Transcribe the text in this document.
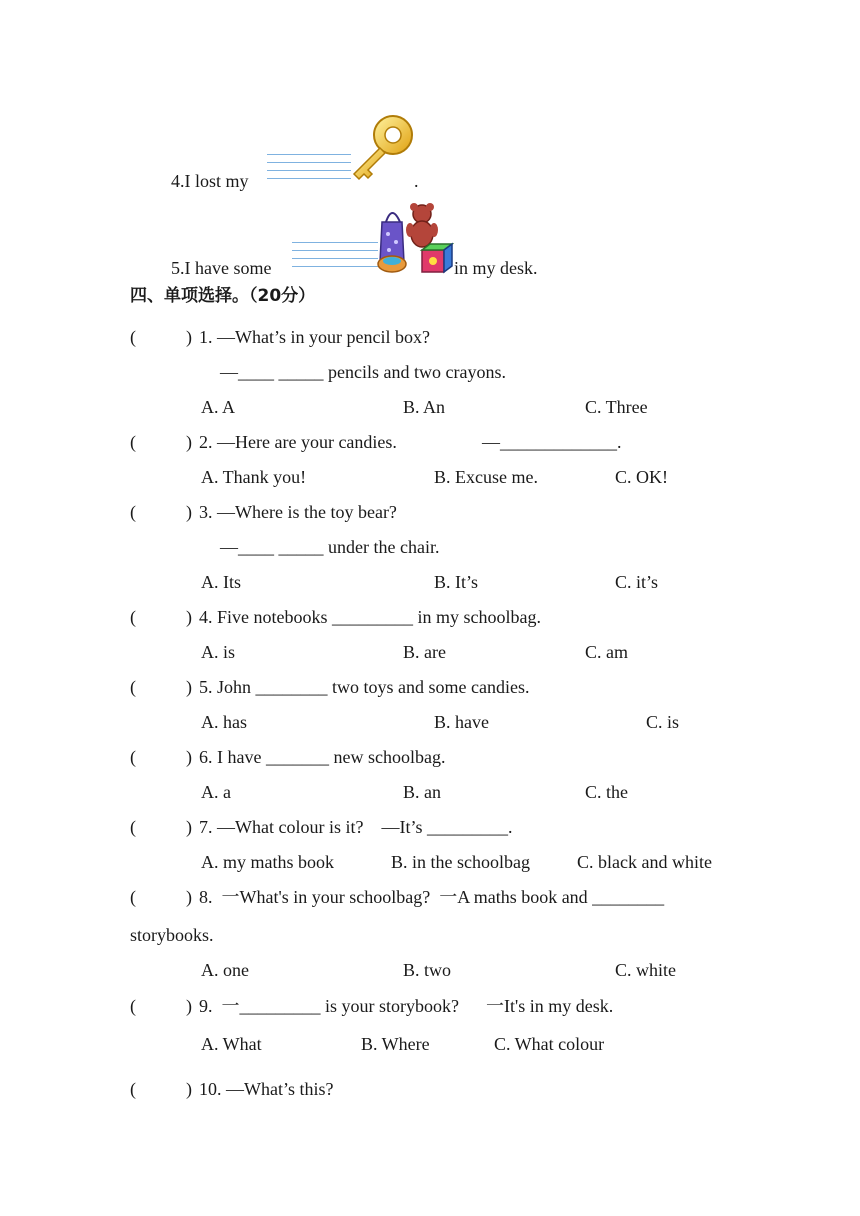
4.I lost my	.
5.I have some	in my desk.
四、单项选择。（20分）
(	) 1. —What’s in your pencil box?
—____ _____ pencils and two crayons.
A. A	B. An	C. Three
(	) 2. —Here are your candies.	—_____________.
A. Thank you!	B. Excuse me.	C. OK!
(	) 3. —Where is the toy bear?
—____ _____ under the chair.
A. Its	B. It’s	C. it’s
(	) 4. Five notebooks _________ in my schoolbag.
A. is	B. are	C. am
(	) 5. John ________ two toys and some candies.
A. has	B. have	C. is
(	) 6. I have _______ new schoolbag.
A. a	B. an	C. the
(	) 7. —What colour is it?    —It’s _________.
A. my maths book	B. in the schoolbag	C. black and white
(	) 8.  一What's in your schoolbag?  一A maths book and ________
storybooks.
A. one	B. two	C. white
(	) 9.  一_________ is your storybook?      一It's in my desk.
A. What	B. Where	C. What colour
(	) 10. —What’s this?
